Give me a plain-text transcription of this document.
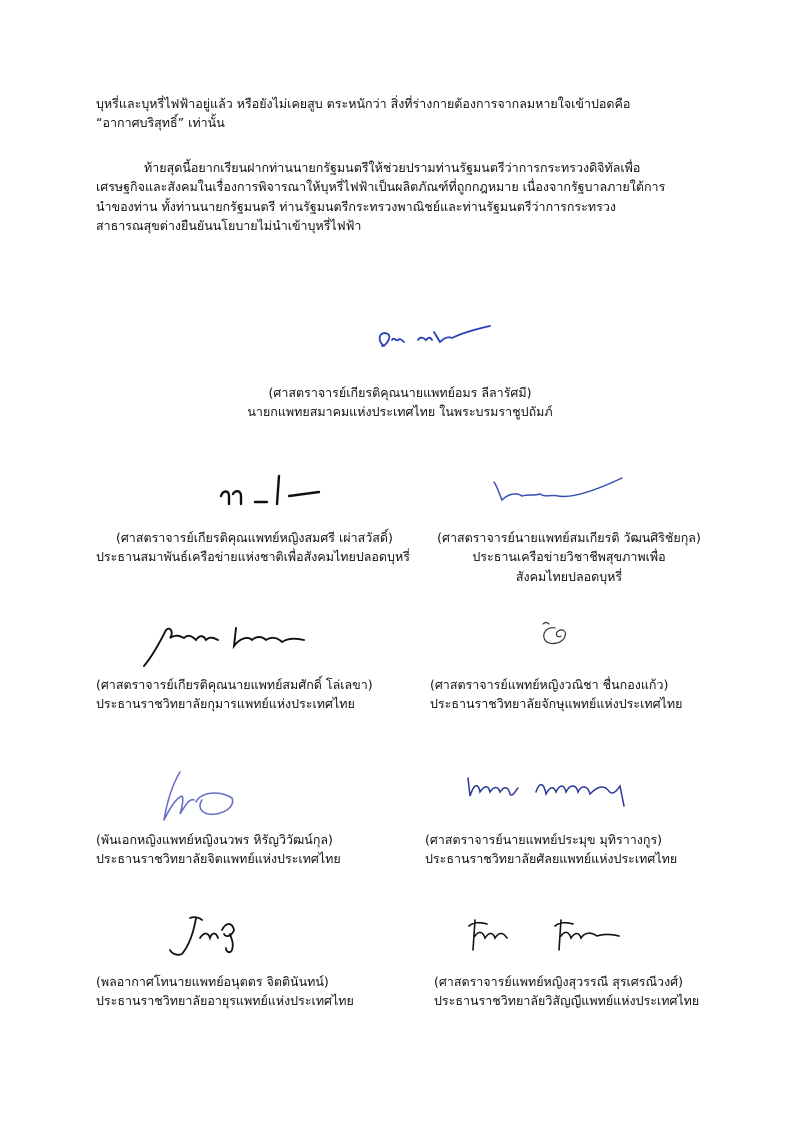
บุหรี่และบุหรี่ไฟฟ้าอยู่แล้ว หรือยังไม่เคยสูบ ตระหนักว่า สิ่งที่ร่างกายต้องการจากลมหายใจเข้าปอดคือ
“อากาศบริสุทธิ์” เท่านั้น

ท้ายสุดนี้อยากเรียนฝากท่านนายกรัฐมนตรีให้ช่วยปรามท่านรัฐมนตรีว่าการกระทรวงดิจิทัลเพื่อ
เศรษฐกิจและสังคมในเรื่องการพิจารณาให้บุหรี่ไฟฟ้าเป็นผลิตภัณฑ์ที่ถูกกฎหมาย เนื่องจากรัฐบาลภายใต้การ
นำของท่าน ทั้งท่านนายกรัฐมนตรี ท่านรัฐมนตรีกระทรวงพาณิชย์และท่านรัฐมนตรีว่าการกระทรวง
สาธารณสุขต่างยืนยันนโยบายไม่นำเข้าบุหรี่ไฟฟ้า

(ศาสตราจารย์เกียรติคุณนายแพทย์อมร ลีลารัศมี)
นายกแพทยสมาคมแห่งประเทศไทย ในพระบรมราชูปถัมภ์
(ศาสตราจารย์เกียรติคุณแพทย์หญิงสมศรี เผ่าสวัสดิ์)
ประธานสมาพันธ์เครือข่ายแห่งชาติเพื่อสังคมไทยปลอดบุหรี่
(ศาสตราจารย์นายแพทย์สมเกียรติ วัฒนศิริชัยกุล)
ประธานเครือข่ายวิชาชีพสุขภาพเพื่อ
สังคมไทยปลอดบุหรี่
(ศาสตราจารย์เกียรติคุณนายแพทย์สมศักดิ์ โล่เลขา)
ประธานราชวิทยาลัยกุมารแพทย์แห่งประเทศไทย
(ศาสตราจารย์แพทย์หญิงวณิชา ชื่นกองแก้ว)
ประธานราชวิทยาลัยจักษุแพทย์แห่งประเทศไทย
(พันเอกหญิงแพทย์หญิงนวพร หิรัญวิวัฒน์กุล)
ประธานราชวิทยาลัยจิตแพทย์แห่งประเทศไทย
(ศาสตราจารย์นายแพทย์ประมุข มุทิราางกูร)
ประธานราชวิทยาลัยศัลยแพทย์แห่งประเทศไทย
(พลอากาศโทนายแพทย์อนุตตร จิตตินันทน์)
ประธานราชวิทยาลัยอายุรแพทย์แห่งประเทศไทย
(ศาสตราจารย์แพทย์หญิงสุวรรณี สุรเศรณีวงศ์)
ประธานราชวิทยาลัยวิสัญญีแพทย์แห่งประเทศไทย
